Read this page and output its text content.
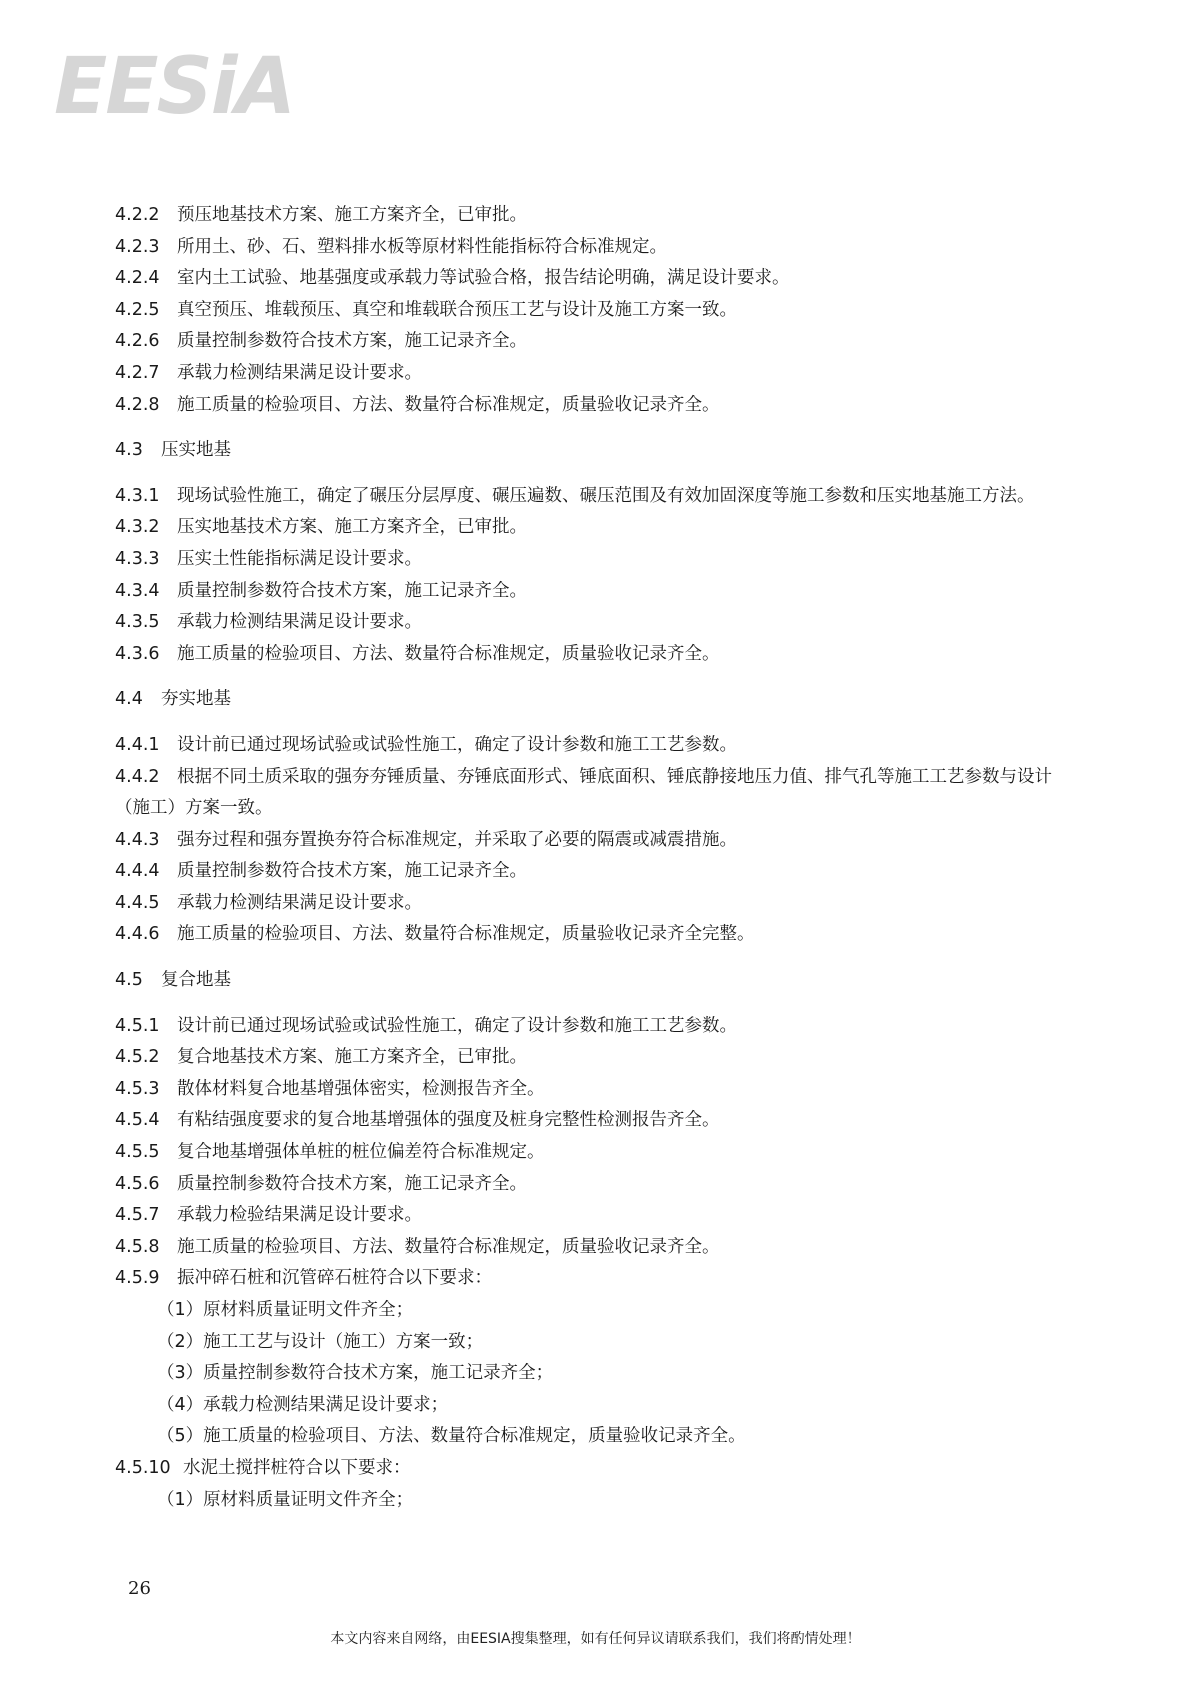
EESiA
4.2.2 预压地基技术方案、施工方案齐全，已审批。
4.2.3 所用土、砂、石、塑料排水板等原材料性能指标符合标准规定。
4.2.4 室内土工试验、地基强度或承载力等试验合格，报告结论明确，满足设计要求。
4.2.5 真空预压、堆载预压、真空和堆载联合预压工艺与设计及施工方案一致。
4.2.6 质量控制参数符合技术方案，施工记录齐全。
4.2.7 承载力检测结果满足设计要求。
4.2.8 施工质量的检验项目、方法、数量符合标准规定，质量验收记录齐全。
4.3 压实地基
4.3.1 现场试验性施工，确定了碾压分层厚度、碾压遍数、碾压范围及有效加固深度等施工参数和压实地基施工方法。
4.3.2 压实地基技术方案、施工方案齐全，已审批。
4.3.3 压实土性能指标满足设计要求。
4.3.4 质量控制参数符合技术方案，施工记录齐全。
4.3.5 承载力检测结果满足设计要求。
4.3.6 施工质量的检验项目、方法、数量符合标准规定，质量验收记录齐全。
4.4 夯实地基
4.4.1 设计前已通过现场试验或试验性施工，确定了设计参数和施工工艺参数。
4.4.2 根据不同土质采取的强夯夯锤质量、夯锤底面形式、锤底面积、锤底静接地压力值、排气孔等施工工艺参数与设计（施工）方案一致。
4.4.3 强夯过程和强夯置换夯符合标准规定，并采取了必要的隔震或减震措施。
4.4.4 质量控制参数符合技术方案，施工记录齐全。
4.4.5 承载力检测结果满足设计要求。
4.4.6 施工质量的检验项目、方法、数量符合标准规定，质量验收记录齐全完整。
4.5 复合地基
4.5.1 设计前已通过现场试验或试验性施工，确定了设计参数和施工工艺参数。
4.5.2 复合地基技术方案、施工方案齐全，已审批。
4.5.3 散体材料复合地基增强体密实，检测报告齐全。
4.5.4 有粘结强度要求的复合地基增强体的强度及桩身完整性检测报告齐全。
4.5.5 复合地基增强体单桩的桩位偏差符合标准规定。
4.5.6 质量控制参数符合技术方案，施工记录齐全。
4.5.7 承载力检验结果满足设计要求。
4.5.8 施工质量的检验项目、方法、数量符合标准规定，质量验收记录齐全。
4.5.9 振冲碎石桩和沉管碎石桩符合以下要求：
（1）原材料质量证明文件齐全；
（2）施工工艺与设计（施工）方案一致；
（3）质量控制参数符合技术方案，施工记录齐全；
（4）承载力检测结果满足设计要求；
（5）施工质量的检验项目、方法、数量符合标准规定，质量验收记录齐全。
4.5.10 水泥土搅拌桩符合以下要求：
（1）原材料质量证明文件齐全；
26
本文内容来自网络，由EESIA搜集整理，如有任何异议请联系我们，我们将酌情处理！
